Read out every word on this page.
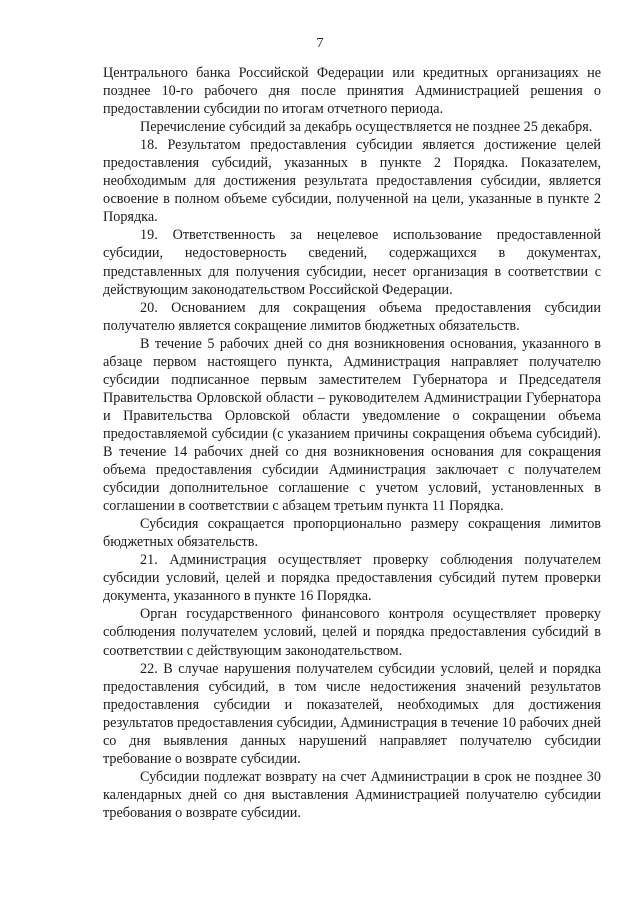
7

Центрального банка Российской Федерации или кредитных организациях не позднее 10-го рабочего дня после принятия Администрацией решения о предоставлении субсидии по итогам отчетного периода.

Перечисление субсидий за декабрь осуществляется не позднее 25 декабря.

18. Результатом предоставления субсидии является достижение целей предоставления субсидий, указанных в пункте 2 Порядка. Показателем, необходимым для достижения результата предоставления субсидии, является освоение в полном объеме субсидии, полученной на цели, указанные в пункте 2 Порядка.

19. Ответственность за нецелевое использование предоставленной субсидии, недостоверность сведений, содержащихся в документах, представленных для получения субсидии, несет организация в соответствии с действующим законодательством Российской Федерации.

20. Основанием для сокращения объема предоставления субсидии получателю является сокращение лимитов бюджетных обязательств.

В течение 5 рабочих дней со дня возникновения основания, указанного в абзаце первом настоящего пункта, Администрация направляет получателю субсидии подписанное первым заместителем Губернатора и Председателя Правительства Орловской области – руководителем Администрации Губернатора и Правительства Орловской области уведомление о сокращении объема предоставляемой субсидии (с указанием причины сокращения объема субсидий). В течение 14 рабочих дней со дня возникновения основания для сокращения объема предоставления субсидии Администрация заключает с получателем субсидии дополнительное соглашение с учетом условий, установленных в соглашении в соответствии с абзацем третьим пункта 11 Порядка.

Субсидия сокращается пропорционально размеру сокращения лимитов бюджетных обязательств.

21. Администрация осуществляет проверку соблюдения получателем субсидии условий, целей и порядка предоставления субсидий путем проверки документа, указанного в пункте 16 Порядка.

Орган государственного финансового контроля осуществляет проверку соблюдения получателем условий, целей и порядка предоставления субсидий в соответствии с действующим законодательством.

22. В случае нарушения получателем субсидии условий, целей и порядка предоставления субсидий, в том числе недостижения значений результатов предоставления субсидии и показателей, необходимых для достижения результатов предоставления субсидии, Администрация в течение 10 рабочих дней со дня выявления данных нарушений направляет получателю субсидии требование о возврате субсидии.

Субсидии подлежат возврату на счет Администрации в срок не позднее 30 календарных дней со дня выставления Администрацией получателю субсидии требования о возврате субсидии.
